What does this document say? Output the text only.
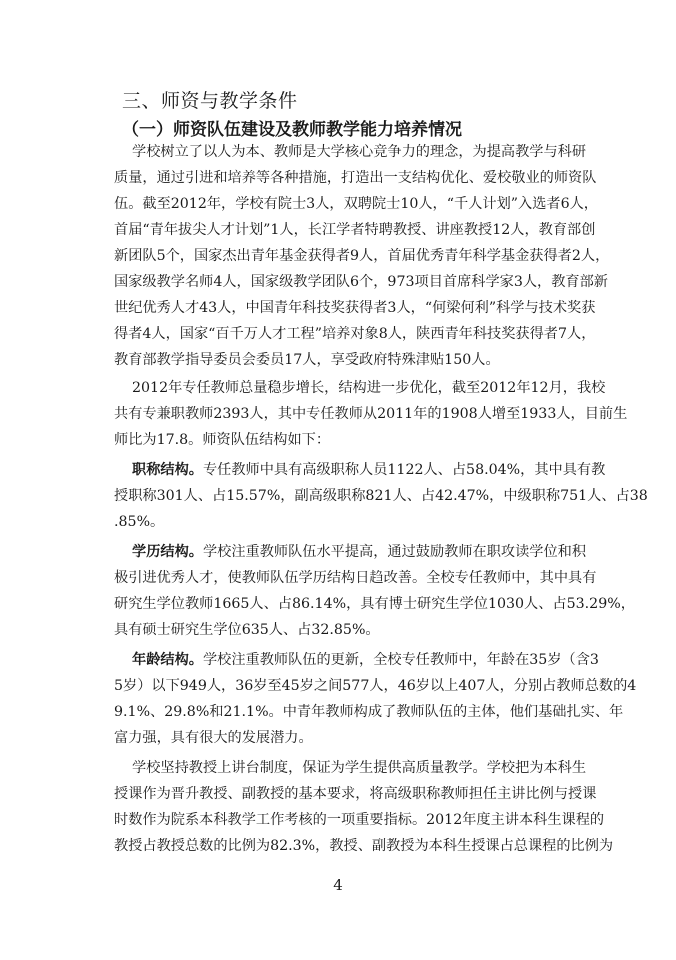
三、师资与教学条件
（一）师资队伍建设及教师教学能力培养情况
学校树立了以人为本、教师是大学核心竞争力的理念，为提高教学与科研
质量，通过引进和培养等各种措施，打造出一支结构优化、爱校敬业的师资队
伍。截至2012年，学校有院士3人，双聘院士10人，“千人计划”入选者6人，
首届“青年拔尖人才计划”1人，长江学者特聘教授、讲座教授12人，教育部创
新团队5个，国家杰出青年基金获得者9人，首届优秀青年科学基金获得者2人，
国家级教学名师4人，国家级教学团队6个，973项目首席科学家3人，教育部新
世纪优秀人才43人，中国青年科技奖获得者3人，“何梁何利”科学与技术奖获
得者4人，国家“百千万人才工程”培养对象8人，陕西青年科技奖获得者7人，
教育部教学指导委员会委员17人，享受政府特殊津贴150人。
2012年专任教师总量稳步增长，结构进一步优化，截至2012年12月，我校
共有专兼职教师2393人，其中专任教师从2011年的1908人增至1933人，目前生
师比为17.8。师资队伍结构如下：
职称结构。专任教师中具有高级职称人员1122人、占58.04%，其中具有教
授职称301人、占15.57%，副高级职称821人、占42.47%，中级职称751人、占38
.85%。
学历结构。学校注重教师队伍水平提高，通过鼓励教师在职攻读学位和积
极引进优秀人才，使教师队伍学历结构日趋改善。全校专任教师中，其中具有
研究生学位教师1665人、占86.14%，具有博士研究生学位1030人、占53.29%，
具有硕士研究生学位635人、占32.85%。
年龄结构。学校注重教师队伍的更新，全校专任教师中，年龄在35岁（含3
5岁）以下949人，36岁至45岁之间577人，46岁以上407人，分别占教师总数的4
9.1%、29.8%和21.1%。中青年教师构成了教师队伍的主体，他们基础扎实、年
富力强，具有很大的发展潜力。
学校坚持教授上讲台制度，保证为学生提供高质量教学。学校把为本科生
授课作为晋升教授、副教授的基本要求，将高级职称教师担任主讲比例与授课
时数作为院系本科教学工作考核的一项重要指标。2012年度主讲本科生课程的
教授占教授总数的比例为82.3%，教授、副教授为本科生授课占总课程的比例为
4
